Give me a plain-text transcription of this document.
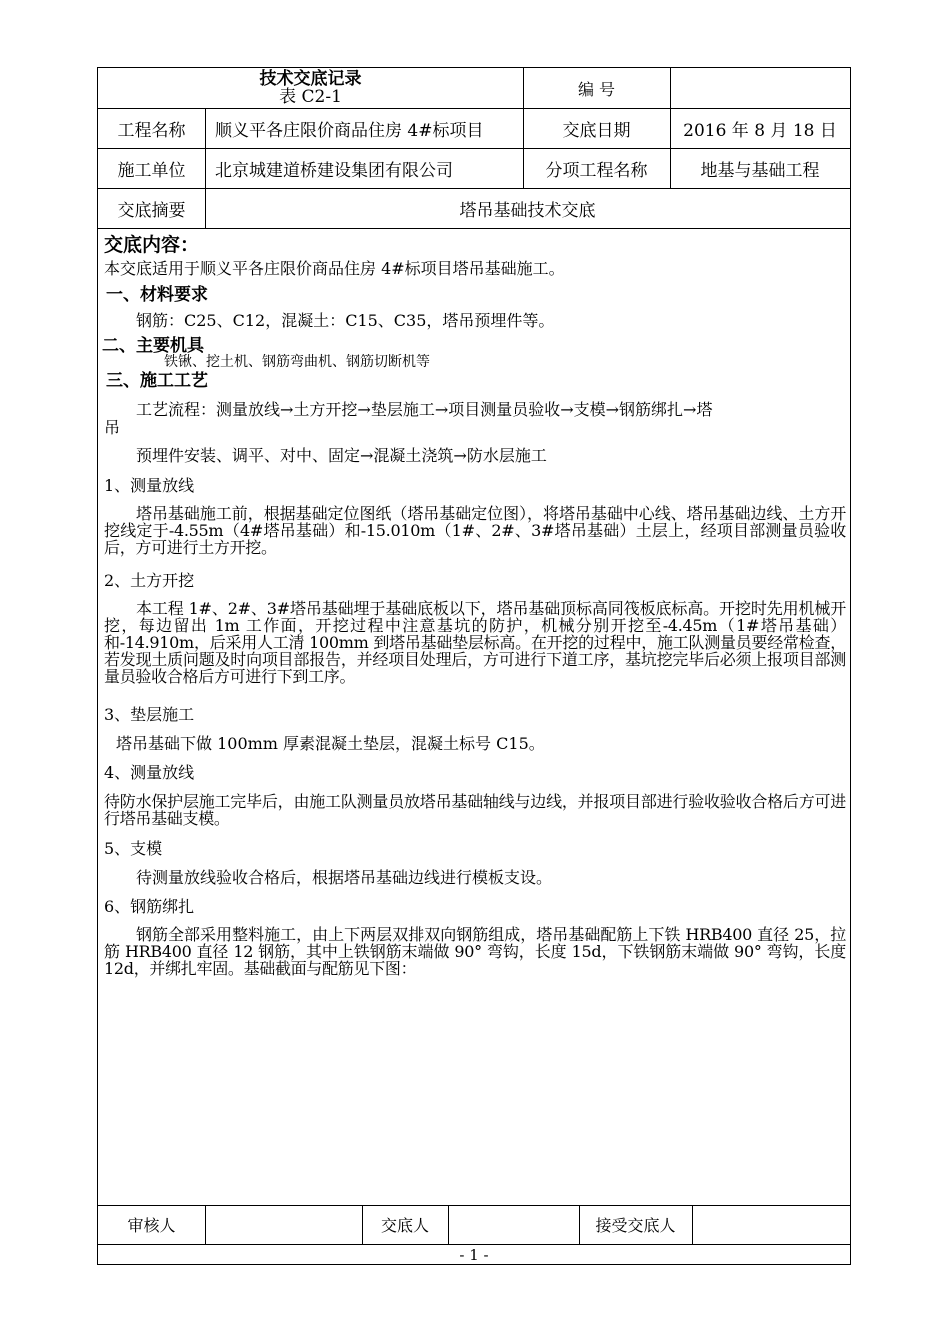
技术交底记录
表 C2-1	编 号
工程名称	顺义平各庄限价商品住房 4#标项目	交底日期	2016 年 8 月 18 日
施工单位	北京城建道桥建设集团有限公司	分项工程名称	地基与基础工程
交底摘要	塔吊基础技术交底
审核人	交底人	接受交底人
- 1 -
交底内容：
本交底适用于顺义平各庄限价商品住房 4#标项目塔吊基础施工。
一、材料要求
钢筋：C25、C12，混凝土：C15、C35，塔吊预埋件等。
二、主要机具
铁锹、挖土机、钢筋弯曲机、钢筋切断机等
三、施工工艺
工艺流程：测量放线→土方开挖→垫层施工→项目测量员验收→支模→钢筋绑扎→塔
吊
预埋件安装、调平、对中、固定→混凝土浇筑→防水层施工
1、测量放线
塔吊基础施工前，根据基础定位图纸（塔吊基础定位图），将塔吊基础中心线、塔吊基础边线、土方开挖线定于-4.55m（4#塔吊基础）和-15.010m（1#、2#、3#塔吊基础）土层上，经项目部测量员验收后，方可进行土方开挖。
2、土方开挖
本工程 1#、2#、3#塔吊基础埋于基础底板以下，塔吊基础顶标高同筏板底标高。开挖时先用机械开挖，每边留出 1m 工作面，开挖过程中注意基坑的防护，机械分别开挖至-4.45m（1#塔吊基础）和-14.910m，后采用人工清 100mm 到塔吊基础垫层标高。在开挖的过程中，施工队测量员要经常检查，若发现土质问题及时向项目部报告，并经项目处理后，方可进行下道工序，基坑挖完毕后必须上报项目部测量员验收合格后方可进行下到工序。
3、垫层施工
塔吊基础下做 100mm 厚素混凝土垫层，混凝土标号 C15。
4、测量放线
待防水保护层施工完毕后，由施工队测量员放塔吊基础轴线与边线，并报项目部进行验收验收合格后方可进行塔吊基础支模。
5、支模
待测量放线验收合格后，根据塔吊基础边线进行模板支设。
6、钢筋绑扎
钢筋全部采用整料施工，由上下两层双排双向钢筋组成，塔吊基础配筋上下铁 HRB400 直径 25，拉筋 HRB400 直径 12 钢筋，其中上铁钢筋末端做 90° 弯钩，长度 15d，下铁钢筋末端做 90° 弯钩，长度 12d，并绑扎牢固。基础截面与配筋见下图：
